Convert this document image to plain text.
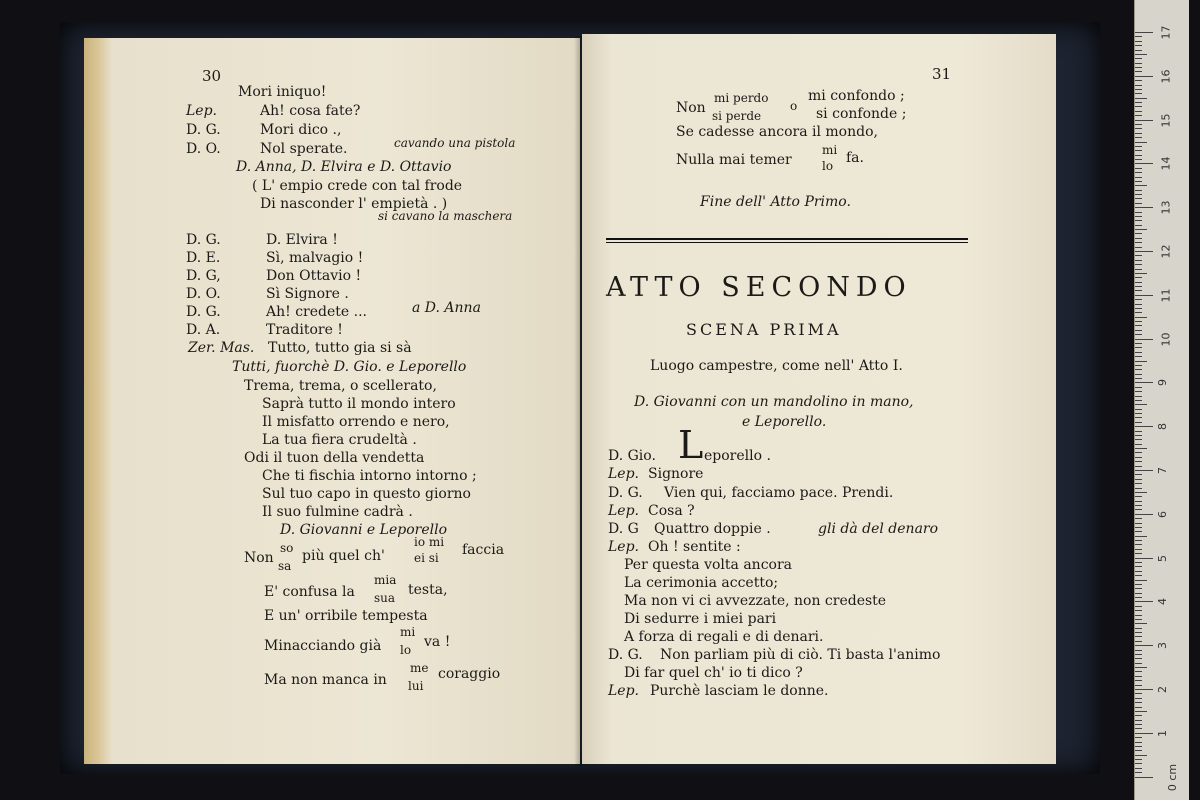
30
Mori iniquo!
Lep.	Ah! cosa fate?
D. G.	Mori dico .,
D. O.	Nol sperate.	cavando una pistola
D. Anna, D. Elvira e D. Ottavio
( L' empio crede con tal frode
Di nasconder l' empietà . )
si cavano la maschera
D. G.	D. Elvira !
D. E.	Sì, malvagio !
D. G,	Don Ottavio !
D. O.	Sì Signore .
D. G.	Ah! credete ...	a D. Anna
D. A.	Traditore !
Zer. Mas. Tutto, tutto gia si sà
Tutti, fuorchè D. Gio. e Leporello
Trema, trema, o scellerato,
Saprà tutto il mondo intero
Il misfatto orrendo e nero,
La tua fiera crudeltà .
Odi il tuon della vendetta
Che ti fischia intorno intorno ;
Sul tuo capo in questo giorno
Il suo fulmine cadrà .
D. Giovanni e Leporello
Non
so
sa
più quel ch'
io mi
ei si faccia
E' confusa la
mia
sua testa,
E un' orribile tempesta
Minacciando già
mi
lo va !
Ma non manca in
me
lui
coraggio
31
Non
mi perdo
si perde
o
mi confondo ;
si confonde ;
Se cadesse ancora il mondo,
Nulla mai temer
mi
lo fa.
Fine dell' Atto Primo.
ATTO SECONDO
SCENA PRIMA
Luogo campestre, come nell' Atto I.
D. Giovanni con un mandolino in mano,
e Leporello.
D. Gio. L eporello .
Lep. Signore
D. G. Vien qui, facciamo pace. Prendi.
Lep. Cosa ?
D. G Quattro doppie .	gli dà del denaro
Lep. Oh ! sentite :
Per questa volta ancora
La cerimonia accetto;
Ma non vi ci avvezzate, non credeste
Di sedurre i miei pari
A forza di regali e di denari.
D. G. Non parliam più di ciò. Ti basta l'animo
Di far quel ch' io ti dico ?
Lep. Purchè lasciam le donne.
17
16
15
14
13
12
11
10
9
8
7
6
5
4
3
2
1
0 cm
